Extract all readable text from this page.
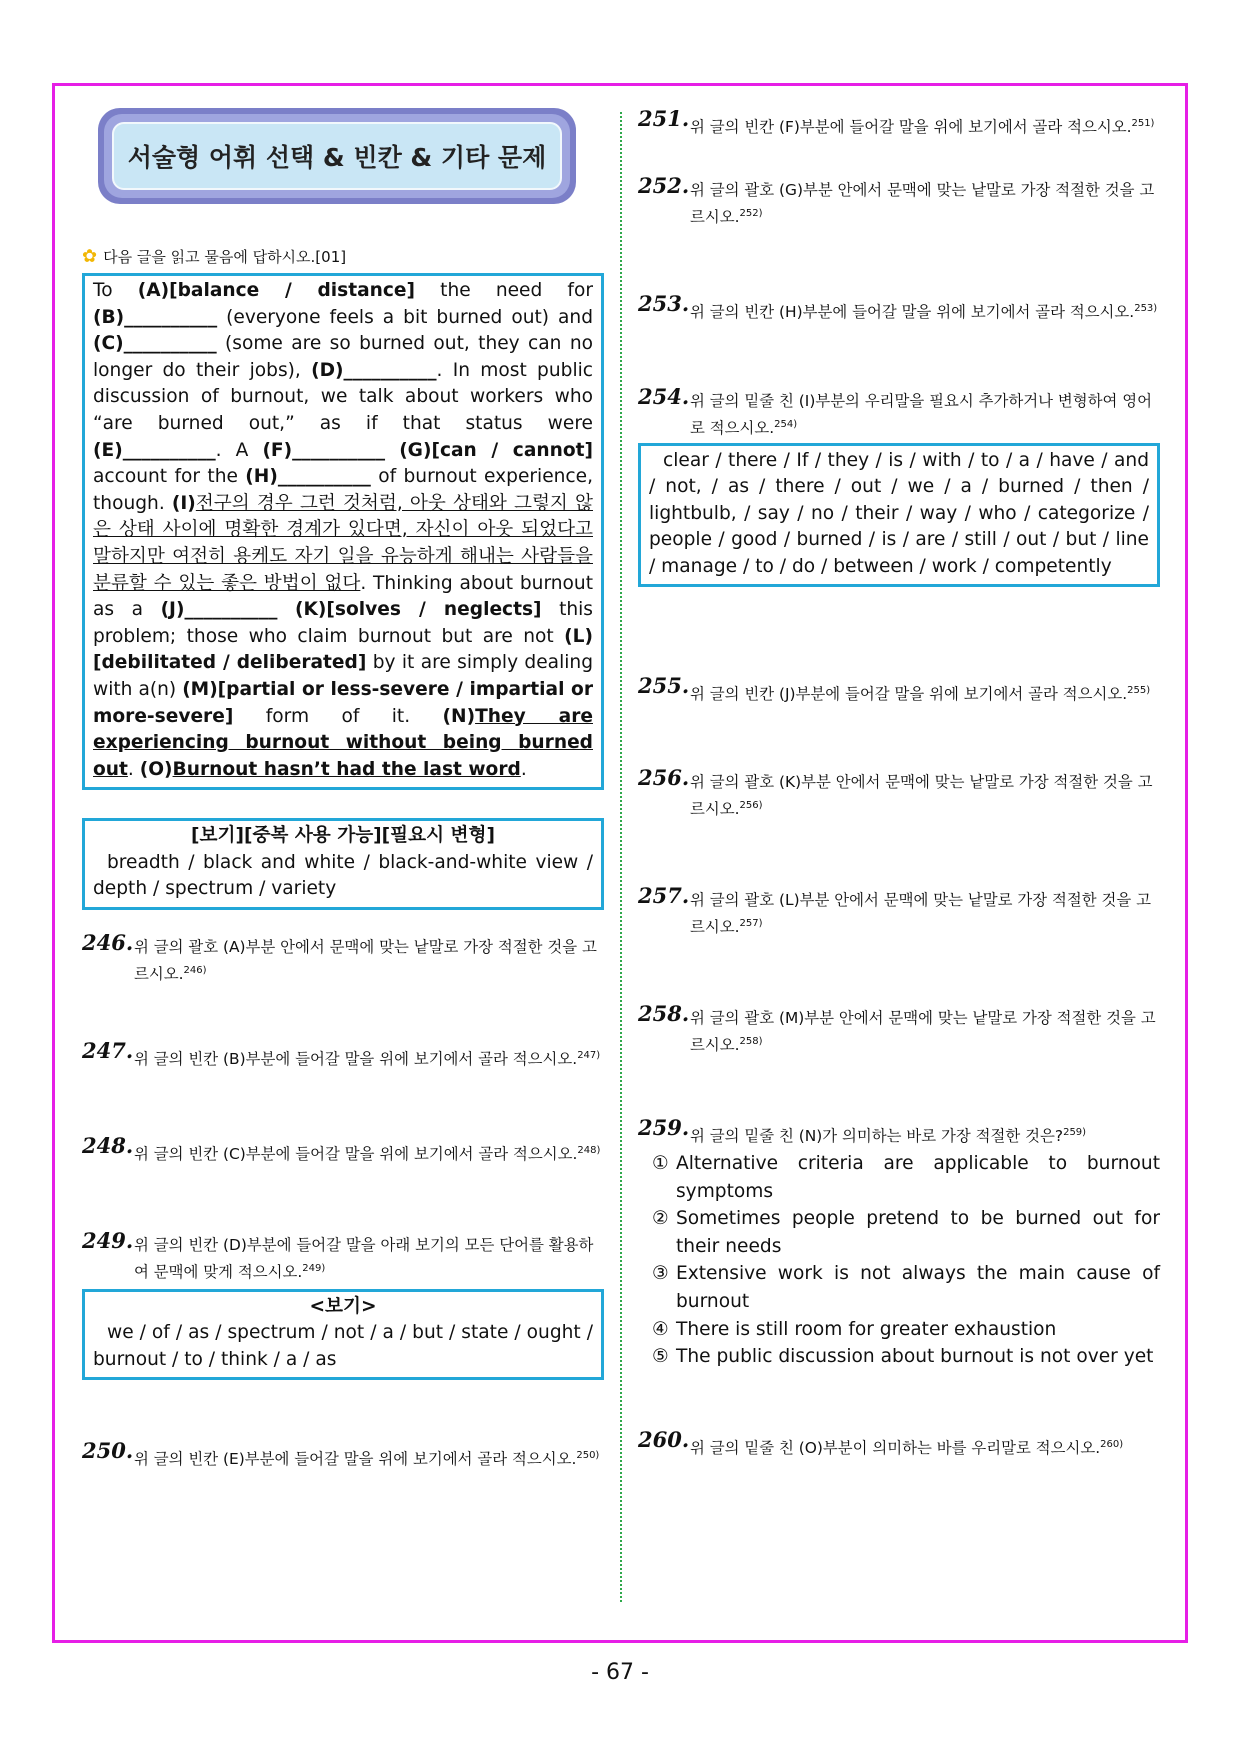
서술형 어휘 선택 & 빈칸 & 기타 문제
✿ 다음 글을 읽고 물음에 답하시오.[01]
To (A)[balance / distance] the need for (B)__________ (everyone feels a bit burned out) and (C)__________ (some are so burned out, they can no longer do their jobs), (D)__________. In most public discussion of burnout, we talk about workers who “are burned out,” as if that status were (E)__________. A (F)__________ (G)[can / cannot] account for the (H)__________ of burnout experience, though. (I)전구의 경우 그런 것처럼, 아웃 상태와 그렇지 않은 상태 사이에 명확한 경계가 있다면, 자신이 아웃 되었다고 말하지만 여전히 용케도 자기 일을 유능하게 해내는 사람들을 분류할 수 있는 좋은 방법이 없다. Thinking about burnout as a (J)__________ (K)[solves / neglects] this problem; those who claim burnout but are not (L)[debilitated / deliberated] by it are simply dealing with a(n) (M)[partial or less-severe / impartial or more-severe] form of it. (N)They are experiencing burnout without being burned out. (O)Burnout hasn’t had the last word.
[보기][중복 사용 가능][필요시 변형]
breadth / black and white / black-and-white view / depth / spectrum / variety
246 . 위 글의 괄호 (A)부분 안에서 문맥에 맞는 낱말로 가장 적절한 것을 고르시오.$^{246)}$
247 . 위 글의 빈칸 (B)부분에 들어갈 말을 위에 보기에서 골라 적으시오.$^{247)}$
248 . 위 글의 빈칸 (C)부분에 들어갈 말을 위에 보기에서 골라 적으시오.$^{248)}$
249 . 위 글의 빈칸 (D)부분에 들어갈 말을 아래 보기의 모든 단어를 활용하여 문맥에 맞게 적으시오.$^{249)}$
<보기>
we / of / as / spectrum / not / a / but / state / ought / burnout / to / think / a / as
250 . 위 글의 빈칸 (E)부분에 들어갈 말을 위에 보기에서 골라 적으시오.$^{250)}$
251 . 위 글의 빈칸 (F)부분에 들어갈 말을 위에 보기에서 골라 적으시오.$^{251)}$
252 . 위 글의 괄호 (G)부분 안에서 문맥에 맞는 낱말로 가장 적절한 것을 고르시오.$^{252)}$
253 . 위 글의 빈칸 (H)부분에 들어갈 말을 위에 보기에서 골라 적으시오.$^{253)}$
254 . 위 글의 밑줄 친 (I)부분의 우리말을 필요시 추가하거나 변형하여 영어로 적으시오.$^{254)}$
clear / there / If / they / is / with / to / a / have / and / not, / as / there / out / we / a / burned / then / lightbulb, / say / no / their / way / who / categorize / people / good / burned / is / are / still / out / but / line / manage / to / do / between / work / competently
255 . 위 글의 빈칸 (J)부분에 들어갈 말을 위에 보기에서 골라 적으시오.$^{255)}$
256 . 위 글의 괄호 (K)부분 안에서 문맥에 맞는 낱말로 가장 적절한 것을 고르시오.$^{256)}$
257 . 위 글의 괄호 (L)부분 안에서 문맥에 맞는 낱말로 가장 적절한 것을 고르시오.$^{257)}$
258 . 위 글의 괄호 (M)부분 안에서 문맥에 맞는 낱말로 가장 적절한 것을 고르시오.$^{258)}$
259 . 위 글의 밑줄 친 (N)가 의미하는 바로 가장 적절한 것은?$^{259)}$
① Alternative criteria are applicable to burnout symptoms
② Sometimes people pretend to be burned out for their needs
③ Extensive work is not always the main cause of burnout
④ There is still room for greater exhaustion
⑤ The public discussion about burnout is not over yet
260 . 위 글의 밑줄 친 (O)부분이 의미하는 바를 우리말로 적으시오.$^{260)}$
- 67 -
